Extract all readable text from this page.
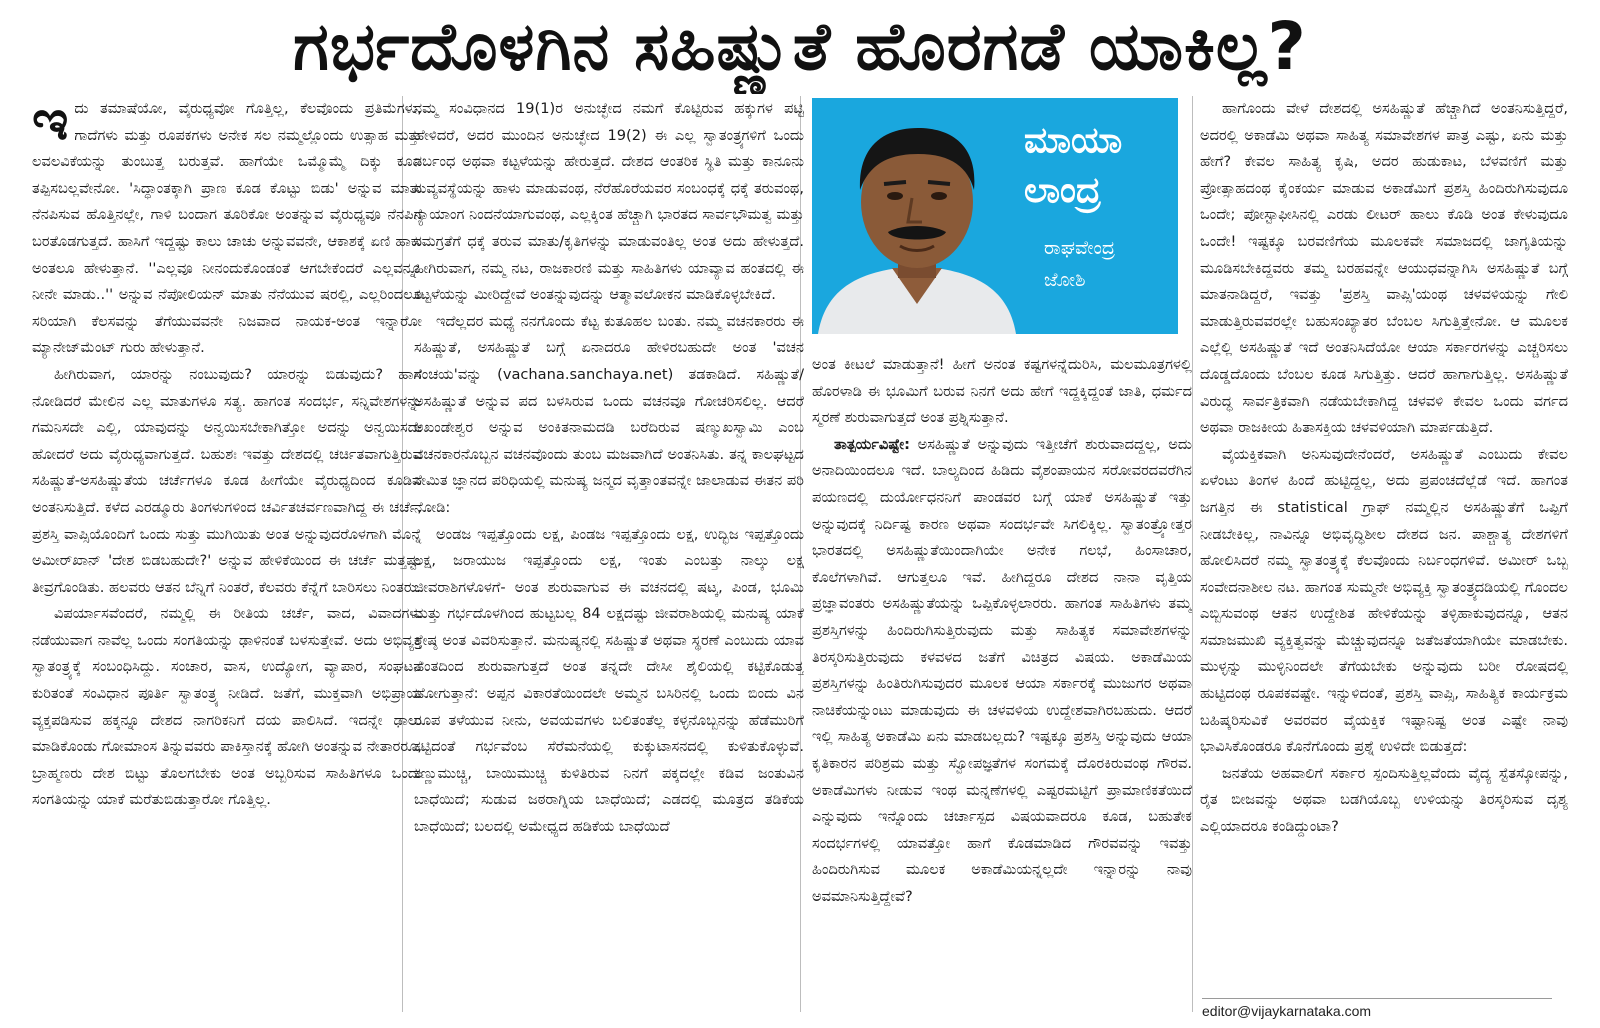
ಗರ್ಭದೊಳಗಿನ ಸಹಿಷ್ಣುತೆ ಹೊರಗಡೆ ಯಾಕಿಲ್ಲ?

ಇದು ತಮಾಷೆಯೋ, ವೈರುಧ್ಯವೋ ಗೊತ್ತಿಲ್ಲ, ಕೆಲವೊಂದು ಪ್ರತಿಮೆಗಳು, ಗಾದೆಗಳು ಮತ್ತು ರೂಪಕಗಳು ಅನೇಕ ಸಲ ನಮ್ಮಲ್ಲೊಂದು ಉತ್ಸಾಹ ಮತ್ತು ಲವಲವಿಕೆಯನ್ನು ತುಂಬುತ್ತ ಬರುತ್ತವೆ. ಹಾಗೆಯೇ ಒಮ್ಮೊಮ್ಮೆ ದಿಕ್ಕು ಕೂಡ ತಪ್ಪಿಸಬಲ್ಲವೇನೋ. 'ಸಿದ್ಧಾಂತಕ್ಕಾಗಿ ಪ್ರಾಣ ಕೂಡ ಕೊಟ್ಟು ಬಿಡು' ಅನ್ನುವ ಮಾತು ನೆನಪಿಸುವ ಹೊತ್ತಿನಲ್ಲೇ, ಗಾಳಿ ಬಂದಾಗ ತೂರಿಕೋ ಅಂತನ್ನುವ ವೈರುಧ್ಯವೂ ನೆನಪಿಗೆ ಬರತೊಡಗುತ್ತದೆ. ಹಾಸಿಗೆ ಇದ್ದಷ್ಟು ಕಾಲು ಚಾಚು ಅನ್ನುವವನೇ, ಆಕಾಶಕ್ಕೆ ಏಣಿ ಹಾಕು ಅಂತಲೂ ಹೇಳುತ್ತಾನೆ. ''ಎಲ್ಲವೂ ನೀನಂದುಕೊಂಡಂತೆ ಆಗಬೇಕೆಂದರೆ ಎಲ್ಲವನ್ನೂ ನೀನೇ ಮಾಡು..'' ಅನ್ನುವ ನೆಪೋಲಿಯನ್ ಮಾತು ನೆನೆಯುವ ಷರಲ್ಲಿ, ಎಲ್ಲರಿಂದಲೂ ಸರಿಯಾಗಿ ಕೆಲಸವನ್ನು ತೆಗೆಯುವವನೇ ನಿಜವಾದ ನಾಯಕ-ಅಂತ ಇನ್ನಾರೋ ಮ್ಯಾನೇಜ್‌ಮೆಂಟ್ ಗುರು ಹೇಳುತ್ತಾನೆ.

ಹೀಗಿರುವಾಗ, ಯಾರನ್ನು ನಂಬುವುದು? ಯಾರನ್ನು ಬಿಡುವುದು? ಹಾಗೆ ನೋಡಿದರೆ ಮೇಲಿನ ಎಲ್ಲ ಮಾತುಗಳೂ ಸತ್ಯ. ಹಾಗಂತ ಸಂದರ್ಭ, ಸನ್ನಿವೇಶಗಳನ್ನು ಗಮನಿಸದೇ ಎಲ್ಲಿ, ಯಾವುದನ್ನು ಅನ್ವಯಿಸಬೇಕಾಗಿತ್ತೋ ಅದನ್ನು ಅನ್ವಯಿಸದೇ ಹೋದರೆ ಅದು ವೈರುಧ್ಯವಾಗುತ್ತದೆ. ಬಹುಶಃ ಇವತ್ತು ದೇಶದಲ್ಲಿ ಚರ್ಚಿತವಾಗುತ್ತಿರುವ ಸಹಿಷ್ಣುತೆ-ಅಸಹಿಷ್ಣುತೆಯ ಚರ್ಚೆಗಳೂ ಕೂಡ ಹೀಗೆಯೇ ವೈರುಧ್ಯದಿಂದ ಕೂಡಿವೆ ಅಂತನಿಸುತ್ತಿದೆ. ಕಳೆದ ಎರಡ್ಮೂರು ತಿಂಗಳುಗಳಿಂದ ಚರ್ವಿತಚರ್ವಣವಾಗಿದ್ದ ಈ ಚರ್ಚೆ, ಪ್ರಶಸ್ತಿ ವಾಪ್ಸಿಯೊಂದಿಗೆ ಒಂದು ಸುತ್ತು ಮುಗಿಯಿತು ಅಂತ ಅನ್ನುವುದರೊಳಗಾಗಿ ಮೊನ್ನೆ ಅಮೀರ್‌ಖಾನ್ 'ದೇಶ ಬಿಡಬಹುದೇ?' ಅನ್ನುವ ಹೇಳಿಕೆಯಿಂದ ಈ ಚರ್ಚೆ ಮತ್ತಷ್ಟು ತೀವ್ರಗೊಂಡಿತು. ಹಲವರು ಆತನ ಬೆನ್ನಿಗೆ ನಿಂತರೆ, ಕೆಲವರು ಕೆನ್ನೆಗೆ ಬಾರಿಸಲು ನಿಂತರು.

ವಿಪರ್ಯಾಸವೆಂದರೆ, ನಮ್ಮಲ್ಲಿ ಈ ರೀತಿಯ ಚರ್ಚೆ, ವಾದ, ವಿವಾದಗಳು ನಡೆಯುವಾಗ ನಾವೆಲ್ಲ ಒಂದು ಸಂಗತಿಯನ್ನು ಢಾಳಿನಂತೆ ಬಳಸುತ್ತೇವೆ. ಅದು ಅಭಿವ್ಯಕ್ತಿ ಸ್ವಾತಂತ್ರ್ಯಕ್ಕೆ ಸಂಬಂಧಿಸಿದ್ದು. ಸಂಚಾರ, ವಾಸ, ಉದ್ಯೋಗ, ವ್ಯಾಪಾರ, ಸಂಘಟನೆ ಕುರಿತಂತೆ ಸಂವಿಧಾನ ಪೂರ್ತಿ ಸ್ವಾತಂತ್ರ್ಯ ನೀಡಿದೆ. ಜತೆಗೆ, ಮುಕ್ತವಾಗಿ ಅಭಿಪ್ರಾಯ ವ್ಯಕ್ತಪಡಿಸುವ ಹಕ್ಕನ್ನೂ ದೇಶದ ನಾಗರಿಕನಿಗೆ ದಯ ಪಾಲಿಸಿದೆ. ಇದನ್ನೇ ಢಾಲು ಮಾಡಿಕೊಂಡು ಗೋಮಾಂಸ ತಿನ್ನುವವರು ಪಾಕಿಸ್ತಾನಕ್ಕೆ ಹೋಗಿ ಅಂತನ್ನುವ ನೇತಾರರೂ, ಬ್ರಾಹ್ಮಣರು ದೇಶ ಬಿಟ್ಟು ತೊಲಗಬೇಕು ಅಂತ ಅಬ್ಬರಿಸುವ ಸಾಹಿತಿಗಳೂ ಒಂದು ಸಂಗತಿಯನ್ನು ಯಾಕೆ ಮರೆತುಬಿಡುತ್ತಾರೋ ಗೊತ್ತಿಲ್ಲ.

ನಮ್ಮ ಸಂವಿಧಾನದ 19(1)ರ ಅನುಚ್ಛೇದ ನಮಗೆ ಕೊಟ್ಟಿರುವ ಹಕ್ಕುಗಳ ಪಟ್ಟಿ ಹೇಳಿದರೆ, ಅದರ ಮುಂದಿನ ಅನುಚ್ಛೇದ 19(2) ಈ ಎಲ್ಲ ಸ್ವಾತಂತ್ರ್ಯಗಳಿಗೆ ಒಂದು ನಿರ್ಬಂಧ ಅಥವಾ ಕಟ್ಟಳೆಯನ್ನು ಹೇರುತ್ತದೆ. ದೇಶದ ಆಂತರಿಕ ಸ್ಥಿತಿ ಮತ್ತು ಕಾನೂನು ಸುವ್ಯವಸ್ಥೆಯನ್ನು ಹಾಳು ಮಾಡುವಂಥ, ನೆರೆಹೊರೆಯವರ ಸಂಬಂಧಕ್ಕೆ ಧಕ್ಕೆ ತರುವಂಥ, ನ್ಯಾಯಾಂಗ ನಿಂದನೆಯಾಗುವಂಥ, ಎಲ್ಲಕ್ಕಿಂತ ಹೆಚ್ಚಾಗಿ ಭಾರತದ ಸಾರ್ವಭೌಮತ್ವ ಮತ್ತು ಸಮಗ್ರತೆಗೆ ಧಕ್ಕೆ ತರುವ ಮಾತು/ಕೃತಿಗಳನ್ನು ಮಾಡುವಂತಿಲ್ಲ ಅಂತ ಅದು ಹೇಳುತ್ತದೆ. ಹೀಗಿರುವಾಗ, ನಮ್ಮ ನಟ, ರಾಜಕಾರಣಿ ಮತ್ತು ಸಾಹಿತಿಗಳು ಯಾವ್ಯಾವ ಹಂತದಲ್ಲಿ ಈ ಕಟ್ಟಳೆಯನ್ನು ಮೀರಿದ್ದೇವೆ ಅಂತನ್ನುವುದನ್ನು ಆತ್ಮಾವಲೋಕನ ಮಾಡಿಕೊಳ್ಳಬೇಕಿದೆ.

ಇದೆಲ್ಲದರ ಮಧ್ಯೆ ನನಗೊಂದು ಕೆಟ್ಟ ಕುತೂಹಲ ಬಂತು. ನಮ್ಮ ವಚನಕಾರರು ಈ ಸಹಿಷ್ಣುತೆ, ಅಸಹಿಷ್ಣುತೆ ಬಗ್ಗೆ ಏನಾದರೂ ಹೇಳಿರಬಹುದೇ ಅಂತ 'ವಚನ ಸಂಚಯ'ವನ್ನು (vachana.sanchaya.net) ತಡಕಾಡಿದೆ. ಸಹಿಷ್ಣುತೆ/ಅಸಹಿಷ್ಣುತೆ ಅನ್ನುವ ಪದ ಬಳಸಿರುವ ಒಂದು ವಚನವೂ ಗೋಚರಿಸಲಿಲ್ಲ. ಆದರೆ ಅಖಂಡೇಶ್ವರ ಅನ್ನುವ ಅಂಕಿತನಾಮದಡಿ ಬರೆದಿರುವ ಷಣ್ಮುಖಸ್ವಾಮಿ ಎಂಬ ವಚನಕಾರನೊಬ್ಬನ ವಚನವೊಂದು ತುಂಬ ಮಜವಾಗಿದೆ ಅಂತನಿಸಿತು. ತನ್ನ ಕಾಲಘಟ್ಟದ ಸೀಮಿತ ಜ್ಞಾನದ ಪರಿಧಿಯಲ್ಲಿ ಮನುಷ್ಯ ಜನ್ಮದ ವೃತ್ತಾಂತವನ್ನೇ ಜಾಲಾಡುವ ಈತನ ಪರಿ ನೋಡಿ:

ಅಂಡಜ ಇಪ್ಪತ್ತೊಂದು ಲಕ್ಷ, ಪಿಂಡಜ ಇಪ್ಪತ್ತೊಂದು ಲಕ್ಷ, ಉದ್ಭಿಜ ಇಪ್ಪತ್ತೊಂದು ಲಕ್ಷ, ಜರಾಯುಜ ಇಪ್ಪತ್ತೊಂದು ಲಕ್ಷ, ಇಂತು ಎಂಬತ್ತು ನಾಲ್ಕು ಲಕ್ಷ ಜೀವರಾಶಿಗಳೊಳಗೆ- ಅಂತ ಶುರುವಾಗುವ ಈ ವಚನದಲ್ಲಿ ಷಟ್ಕ, ಪಿಂಡ, ಭೂಮಿ ಮತ್ತು ಗರ್ಭದೊಳಗಿಂದ ಹುಟ್ಟಬಲ್ಲ 84 ಲಕ್ಷದಷ್ಟು ಜೀವರಾಶಿಯಲ್ಲಿ ಮನುಷ್ಯ ಯಾಕೆ ಶ್ರೇಷ್ಠ ಅಂತ ವಿವರಿಸುತ್ತಾನೆ. ಮನುಷ್ಯನಲ್ಲಿ ಸಹಿಷ್ಣುತೆ ಅಥವಾ ಸ್ಥರಣೆ ಎಂಬುದು ಯಾವ ಹಂತದಿಂದ ಶುರುವಾಗುತ್ತದೆ ಅಂತ ತನ್ನದೇ ದೇಸೀ ಶೈಲಿಯಲ್ಲಿ ಕಟ್ಟಿಕೊಡುತ್ತ ಹೋಗುತ್ತಾನೆ: ಅಪ್ಪನ ವಿಕಾರತೆಯಿಂದಲೇ ಅಮ್ಮನ ಬಸಿರಿನಲ್ಲಿ ಒಂದು ಬಿಂದು ವಿನ ರೂಪ ತಳೆಯುವ ನೀನು, ಅವಯವಗಳು ಬಲಿತಂತೆಲ್ಲ ಕಳ್ಳನೊಬ್ಬನನ್ನು ಹೆಡೆಮುರಿಗೆ ಕಟ್ಟಿದಂತೆ ಗರ್ಭವೆಂಬ ಸೆರೆಮನೆಯಲ್ಲಿ ಕುಕ್ಕುಟಾಸನದಲ್ಲಿ ಕುಳಿತುಕೊಳ್ಳುವೆ. ಕಣ್ಣುಮುಚ್ಚಿ, ಬಾಯಿಮುಚ್ಚಿ ಕುಳಿತಿರುವ ನಿನಗೆ ಪಕ್ಕದಲ್ಲೇ ಕಡಿವ ಜಂತುವಿನ ಬಾಧೆಯಿದೆ; ಸುಡುವ ಜಠರಾಗ್ನಿಯ ಬಾಧೆಯಿದೆ; ಎಡದಲ್ಲಿ ಮೂತ್ರದ ತಡಿಕೆಯ ಬಾಧೆಯಿದೆ; ಬಲದಲ್ಲಿ ಅಮೇಧ್ಯದ ಹಡಿಕೆಯ ಬಾಧೆಯಿದೆ

ಮಾಯಾ
ಲಾಂದ್ರ
ರಾಘವೇಂದ್ರ
ಜೋಶಿ

ಅಂತ ಕೀಟಲೆ ಮಾಡುತ್ತಾನೆ! ಹೀಗೆ ಅನಂತ ಕಷ್ಟಗಳನ್ನೆದುರಿಸಿ, ಮಲಮೂತ್ರಗಳಲ್ಲಿ ಹೊರಳಾಡಿ ಈ ಭೂಮಿಗೆ ಬರುವ ನಿನಗೆ ಅದು ಹೇಗೆ ಇದ್ದಕ್ಕಿದ್ದಂತೆ ಜಾತಿ, ಧರ್ಮದ ಸ್ಮರಣೆ ಶುರುವಾಗುತ್ತದೆ ಅಂತ ಪ್ರಶ್ನಿಸುತ್ತಾನೆ.

ತಾತ್ಪರ್ಯವಿಷ್ಟೇ: ಅಸಹಿಷ್ಣುತೆ ಅನ್ನುವುದು ಇತ್ತೀಚೆಗೆ ಶುರುವಾದದ್ದಲ್ಲ, ಅದು ಅನಾದಿಯಿಂದಲೂ ಇದೆ. ಬಾಲ್ಯದಿಂದ ಹಿಡಿದು ವೈಶಂಪಾಯನ ಸರೋವರದವರೆಗಿನ ಪಯಣದಲ್ಲಿ ದುರ್ಯೋಧನನಿಗೆ ಪಾಂಡವರ ಬಗ್ಗೆ ಯಾಕೆ ಅಸಹಿಷ್ಣುತೆ ಇತ್ತು ಅನ್ನುವುದಕ್ಕೆ ನಿರ್ದಿಷ್ಟ ಕಾರಣ ಅಥವಾ ಸಂದರ್ಭವೇ ಸಿಗಲಿಕ್ಕಿಲ್ಲ. ಸ್ವಾತಂತ್ರ್ಯೋತ್ತರ ಭಾರತದಲ್ಲಿ ಅಸಹಿಷ್ಣುತೆಯಿಂದಾಗಿಯೇ ಅನೇಕ ಗಲಭೆ, ಹಿಂಸಾಚಾರ, ಕೊಲೆಗಳಾಗಿವೆ. ಆಗುತ್ತಲೂ ಇವೆ. ಹೀಗಿದ್ದರೂ ದೇಶದ ನಾನಾ ವೃತ್ತಿಯ ಪ್ರಜ್ಞಾವಂತರು ಅಸಹಿಷ್ಣುತೆಯನ್ನು ಒಪ್ಪಿಕೊಳ್ಳಲಾರರು. ಹಾಗಂತ ಸಾಹಿತಿಗಳು ತಮ್ಮ ಪ್ರಶಸ್ತಿಗಳನ್ನು ಹಿಂದಿರುಗಿಸುತ್ತಿರುವುದು ಮತ್ತು ಸಾಹಿತ್ಯಕ ಸಮಾವೇಶಗಳನ್ನು ತಿರಸ್ಕರಿಸುತ್ತಿರುವುದು ಕಳವಳದ ಜತೆಗೆ ವಿಚಿತ್ರದ ವಿಷಯ. ಅಕಾಡೆಮಿಯ ಪ್ರಶಸ್ತಿಗಳನ್ನು ಹಿಂತಿರುಗಿಸುವುದರ ಮೂಲಕ ಆಯಾ ಸರ್ಕಾರಕ್ಕೆ ಮುಜುಗರ ಅಥವಾ ನಾಚಿಕೆಯನ್ನುಂಟು ಮಾಡುವುದು ಈ ಚಳವಳಿಯ ಉದ್ದೇಶವಾಗಿರಬಹುದು. ಆದರೆ ಇಲ್ಲಿ ಸಾಹಿತ್ಯ ಅಕಾಡೆಮಿ ಏನು ಮಾಡಬಲ್ಲದು? ಇಷ್ಟಕ್ಕೂ ಪ್ರಶಸ್ತಿ ಅನ್ನುವುದು ಆಯಾ ಕೃತಿಕಾರನ ಪರಿಶ್ರಮ ಮತ್ತು ಸ್ವೋಪಜ್ಞತೆಗಳ ಸಂಗಮಕ್ಕೆ ದೊರಕಿರುವಂಥ ಗೌರವ. ಅಕಾಡೆಮಿಗಳು ನೀಡುವ ಇಂಥ ಮನ್ನಣೆಗಳಲ್ಲಿ ಎಷ್ಟರಮಟ್ಟಿಗೆ ಪ್ರಾಮಾಣಿಕತೆಯಿದೆ ಎನ್ನುವುದು ಇನ್ನೊಂದು ಚರ್ಚಾಸ್ಪದ ವಿಷಯವಾದರೂ ಕೂಡ, ಬಹುತೇಕ ಸಂದರ್ಭಗಳಲ್ಲಿ ಯಾವತ್ತೋ ಹಾಗೆ ಕೊಡಮಾಡಿದ ಗೌರವವನ್ನು ಇವತ್ತು ಹಿಂದಿರುಗಿಸುವ ಮೂಲಕ ಅಕಾಡೆಮಿಯನ್ನಲ್ಲದೇ ಇನ್ನಾರನ್ನು ನಾವು ಅವಮಾನಿಸುತ್ತಿದ್ದೇವೆ?

ಹಾಗೊಂದು ವೇಳೆ ದೇಶದಲ್ಲಿ ಅಸಹಿಷ್ಣುತೆ ಹೆಚ್ಚಾಗಿದೆ ಅಂತನಿಸುತ್ತಿದ್ದರೆ, ಅದರಲ್ಲಿ ಅಕಾಡೆಮಿ ಅಥವಾ ಸಾಹಿತ್ಯ ಸಮಾವೇಶಗಳ ಪಾತ್ರ ಎಷ್ಟು, ಏನು ಮತ್ತು ಹೇಗೆ? ಕೇವಲ ಸಾಹಿತ್ಯ ಕೃಷಿ, ಅದರ ಹುಡುಕಾಟ, ಬೆಳವಣಿಗೆ ಮತ್ತು ಪ್ರೋತ್ಸಾಹದಂಥ ಕೈಂಕರ್ಯ ಮಾಡುವ ಅಕಾಡೆಮಿಗೆ ಪ್ರಶಸ್ತಿ ಹಿಂದಿರುಗಿಸುವುದೂ ಒಂದೇ; ಪೋಸ್ಟಾಫೀಸಿನಲ್ಲಿ ಎರಡು ಲೀಟರ್ ಹಾಲು ಕೊಡಿ ಅಂತ ಕೇಳುವುದೂ ಒಂದೇ! ಇಷ್ಟಕ್ಕೂ ಬರವಣಿಗೆಯ ಮೂಲಕವೇ ಸಮಾಜದಲ್ಲಿ ಜಾಗೃತಿಯನ್ನು ಮೂಡಿಸಬೇಕಿದ್ದವರು ತಮ್ಮ ಬರಹವನ್ನೇ ಆಯುಧವನ್ನಾಗಿಸಿ ಅಸಹಿಷ್ಣುತೆ ಬಗ್ಗೆ ಮಾತನಾಡಿದ್ದರೆ, ಇವತ್ತು 'ಪ್ರಶಸ್ತಿ ವಾಪ್ಸಿ'ಯಂಥ ಚಳವಳಿಯನ್ನು ಗೇಲಿ ಮಾಡುತ್ತಿರುವವರಲ್ಲೇ ಬಹುಸಂಖ್ಯಾತರ ಬೆಂಬಲ ಸಿಗುತ್ತಿತ್ತೇನೋ. ಆ ಮೂಲಕ ಎಲ್ಲೆಲ್ಲಿ ಅಸಹಿಷ್ಣುತೆ ಇದೆ ಅಂತನಿಸಿದೆಯೋ ಆಯಾ ಸರ್ಕಾರಗಳನ್ನು ಎಚ್ಚರಿಸಲು ದೊಡ್ಡದೊಂದು ಬೆಂಬಲ ಕೂಡ ಸಿಗುತ್ತಿತ್ತು. ಆದರೆ ಹಾಗಾಗುತ್ತಿಲ್ಲ. ಅಸಹಿಷ್ಣುತೆ ವಿರುದ್ಧ ಸಾರ್ವತ್ರಿಕವಾಗಿ ನಡೆಯಬೇಕಾಗಿದ್ದ ಚಳವಳಿ ಕೇವಲ ಒಂದು ವರ್ಗದ ಅಥವಾ ರಾಜಕೀಯ ಹಿತಾಸಕ್ತಿಯ ಚಳವಳಿಯಾಗಿ ಮಾರ್ಪಡುತ್ತಿದೆ.

ವೈಯಕ್ತಿಕವಾಗಿ ಅನಿಸುವುದೇನೆಂದರೆ, ಅಸಹಿಷ್ಣುತೆ ಎಂಬುದು ಕೇವಲ ಏಳೆಂಟು ತಿಂಗಳ ಹಿಂದೆ ಹುಟ್ಟಿದ್ದಲ್ಲ, ಅದು ಪ್ರಪಂಚದೆಲ್ಲೆಡೆ ಇದೆ. ಹಾಗಂತ ಜಗತ್ತಿನ ಈ statistical ಗ್ರಾಫ್ ನಮ್ಮಲ್ಲಿನ ಅಸಹಿಷ್ಣುತೆಗೆ ಒಪ್ಪಿಗೆ ನೀಡಬೇಕಿಲ್ಲ, ನಾವಿನ್ನೂ ಅಭಿವೃದ್ಧಿಶೀಲ ದೇಶದ ಜನ. ಪಾಶ್ಚಾತ್ಯ ದೇಶಗಳಿಗೆ ಹೋಲಿಸಿದರೆ ನಮ್ಮ ಸ್ವಾತಂತ್ರ್ಯಕ್ಕೆ ಕೆಲವೊಂದು ನಿರ್ಬಂಧಗಳಿವೆ. ಅಮೀರ್ ಒಬ್ಬ ಸಂವೇದನಾಶೀಲ ನಟ. ಹಾಗಂತ ಸುಮ್ಮನೇ ಅಭಿವ್ಯಕ್ತಿ ಸ್ವಾತಂತ್ರ್ಯದಡಿಯಲ್ಲಿ ಗೊಂದಲ ಎಬ್ಬಿಸುವಂಥ ಆತನ ಉದ್ದೇಶಿತ ಹೇಳಿಕೆಯನ್ನು ತಳ್ಳಿಹಾಕುವುದನ್ನೂ, ಆತನ ಸಮಾಜಮುಖಿ ವ್ಯಕ್ತಿತ್ವವನ್ನು ಮೆಚ್ಚುವುದನ್ನೂ ಜತೆಜತೆಯಾಗಿಯೇ ಮಾಡಬೇಕು. ಮುಳ್ಳನ್ನು ಮುಳ್ಳಿನಿಂದಲೇ ತೆಗೆಯಬೇಕು ಅನ್ನುವುದು ಬರೀ ರೋಷದಲ್ಲಿ ಹುಟ್ಟಿದಂಥ ರೂಪಕವಷ್ಟೇ. ಇನ್ನುಳಿದಂತೆ, ಪ್ರಶಸ್ತಿ ವಾಪ್ಸಿ, ಸಾಹಿತ್ಯಿಕ ಕಾರ್ಯಕ್ರಮ ಬಹಿಷ್ಕರಿಸುವಿಕೆ ಅವರವರ ವೈಯಕ್ತಿಕ ಇಷ್ಟಾನಿಷ್ಟ ಅಂತ ಎಷ್ಟೇ ನಾವು ಭಾವಿಸಿಕೊಂಡರೂ ಕೊನೆಗೊಂದು ಪ್ರಶ್ನೆ ಉಳಿದೇ ಬಿಡುತ್ತದೆ:

ಜನತೆಯ ಅಹವಾಲಿಗೆ ಸರ್ಕಾರ ಸ್ಪಂದಿಸುತ್ತಿಲ್ಲವೆಂದು ವೈದ್ಯ ಸ್ಟೆತಸ್ಕೋಪನ್ನು, ರೈತ ಬೀಜವನ್ನು ಅಥವಾ ಬಡಗಿಯೊಬ್ಬ ಉಳಿಯನ್ನು ತಿರಸ್ಕರಿಸುವ ದೃಶ್ಯ ಎಲ್ಲಿಯಾದರೂ ಕಂಡಿದ್ದುಂಟಾ?

editor@vijaykarnataka.com
